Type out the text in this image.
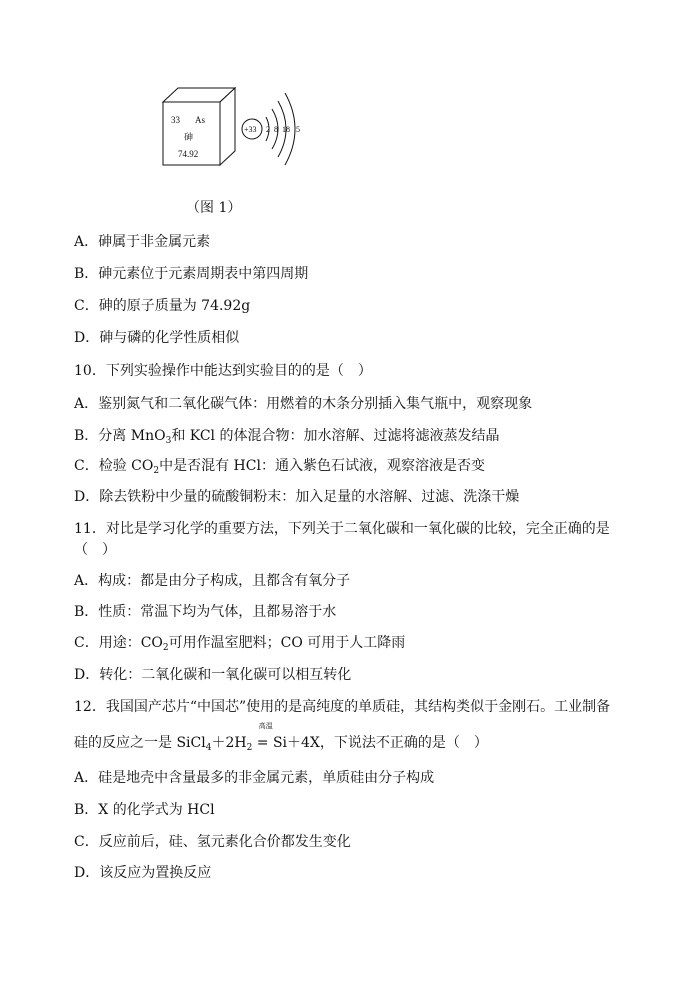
33 As
砷
74.92
+33 2 8 18 5
（图 1）
A．砷属于非金属元素
B．砷元素位于元素周期表中第四周期
C．砷的原子质量为 74.92g
D．砷与磷的化学性质相似
10．下列实验操作中能达到实验目的的是（　）
A．鉴别氮气和二氧化碳气体：用燃着的木条分别插入集气瓶中，观察现象
B．分离 MnO$_3$和 KCl 的体混合物：加水溶解、过滤将滤液蒸发结晶
C．检验 $CO_2$中是否混有 HCl：通入紫色石试液，观察溶液是否变
D．除去铁粉中少量的硫酸铜粉末：加入足量的水溶解、过滤、洗涤干燥
11．对比是学习化学的重要方法，下列关于二氧化碳和一氧化碳的比较，完全正确的是
（　）
A．构成：都是由分子构成，且都含有氧分子
B．性质：常温下均为气体，且都易溶于水
C．用途：$CO_2$可用作温室肥料；CO 可用于人工降雨
D．转化：二氧化碳和一氧化碳可以相互转化
12．我国国产芯片“中国芯”使用的是高纯度的单质硅，其结构类似于金刚石。工业制备
硅的反应之一是 $SiCl_4+2H_2$
高温
= Si＋4X，下说法不正确的是（　）
A．硅是地壳中含量最多的非金属元素，单质硅由分子构成
B．X 的化学式为 HCl
C．反应前后，硅、氢元素化合价都发生变化
D．该反应为置换反应
